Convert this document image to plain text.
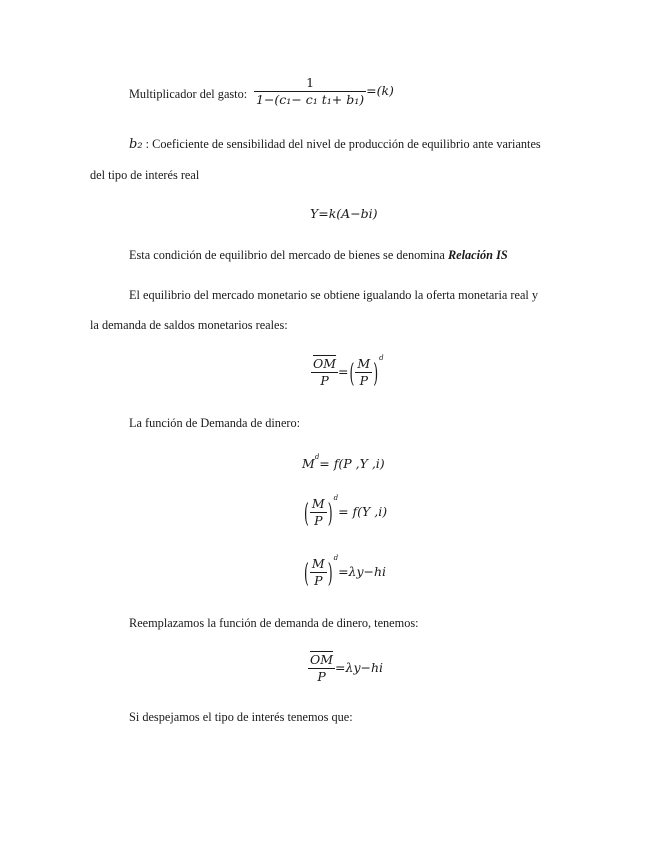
Multiplicador del gasto: $\frac{1}{\text{1−(c₁− c₁ t₁+ b₁)}} =(k)$
b₂ : Coeficiente de sensibilidad del nivel de producción de equilibrio ante variantes
del tipo de interés real
Y=k(A−bi)
Esta condición de equilibrio del mercado de bienes se denomina Relación IS
El equilibrio del mercado monetario se obtiene igualando la oferta monetaria real y
la demanda de saldos monetarios reales:
$\frac{\overline{OM}}{P}$ =( $\frac{M}{P} )^d$
La función de Demanda de dinero:
$M^d= f(P$ ,Y ,i)
( $\frac{M}{P} )^d= f(Y$ ,i)
( $\frac{M}{P} )^d=\lambda y-hi$
Reemplazamos la función de demanda de dinero, tenemos:
$\frac{\overline{OM}}{P} =\lambda y-hi$
Si despejamos el tipo de interés tenemos que:
